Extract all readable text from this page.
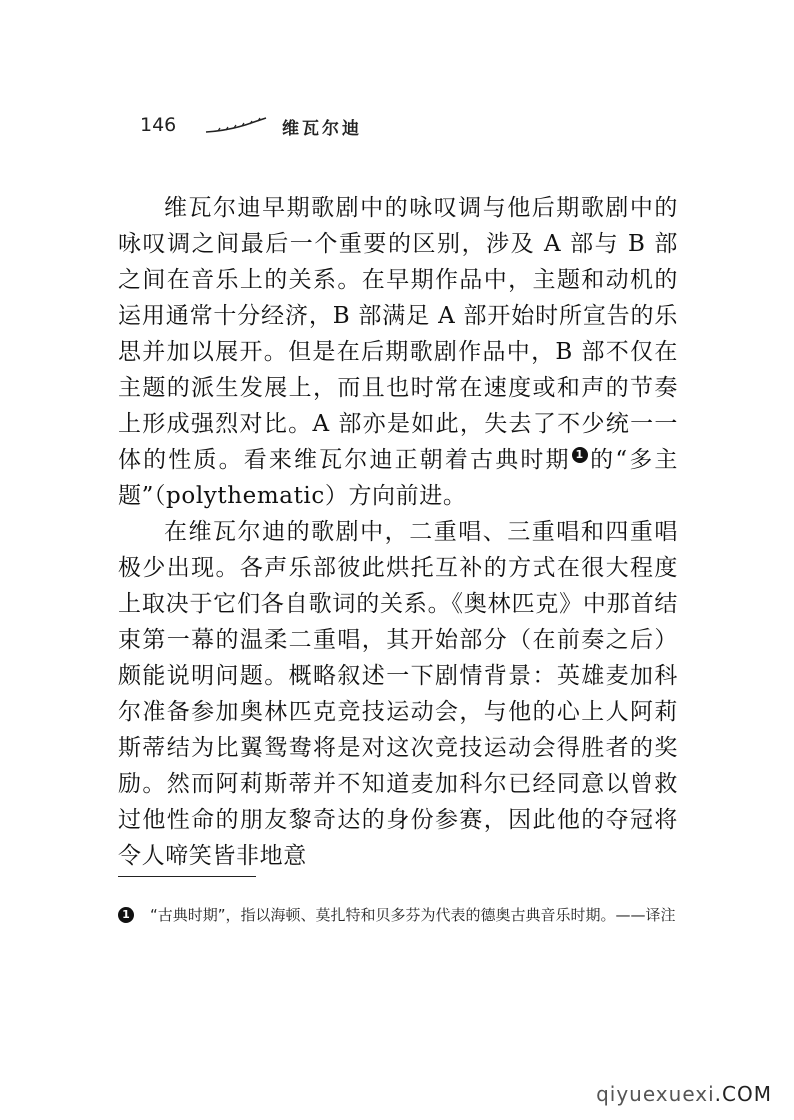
146	维瓦尔迪

维瓦尔迪早期歌剧中的咏叹调与他后期歌剧中的咏叹调之间最后一个重要的区别，涉及 A 部与 B 部之间在音乐上的关系。在早期作品中，主题和动机的运用通常十分经济，B 部满足 A 部开始时所宣告的乐思并加以展开。但是在后期歌剧作品中，B 部不仅在主题的派生发展上，而且也时常在速度或和声的节奏上形成强烈对比。A 部亦是如此，失去了不少统一一体的性质。看来维瓦尔迪正朝着古典时期 1 的“多主题”（polythematic）方向前进。

在维瓦尔迪的歌剧中，二重唱、三重唱和四重唱极少出现。各声乐部彼此烘托互补的方式在很大程度上取决于它们各自歌词的关系。《奥林匹克》中那首结束第一幕的温柔二重唱，其开始部分（在前奏之后）颇能说明问题。概略叙述一下剧情背景：英雄麦加科尔准备参加奥林匹克竞技运动会，与他的心上人阿莉斯蒂结为比翼鸳鸯将是对这次竞技运动会得胜者的奖励。然而阿莉斯蒂并不知道麦加科尔已经同意以曾救过他性命的朋友黎奇达的身份参赛，因此他的夺冠将令人啼笑皆非地意

1 “古典时期”，指以海顿、莫扎特和贝多芬为代表的德奥古典音乐时期。——译注
qiyuexuexi.COM
